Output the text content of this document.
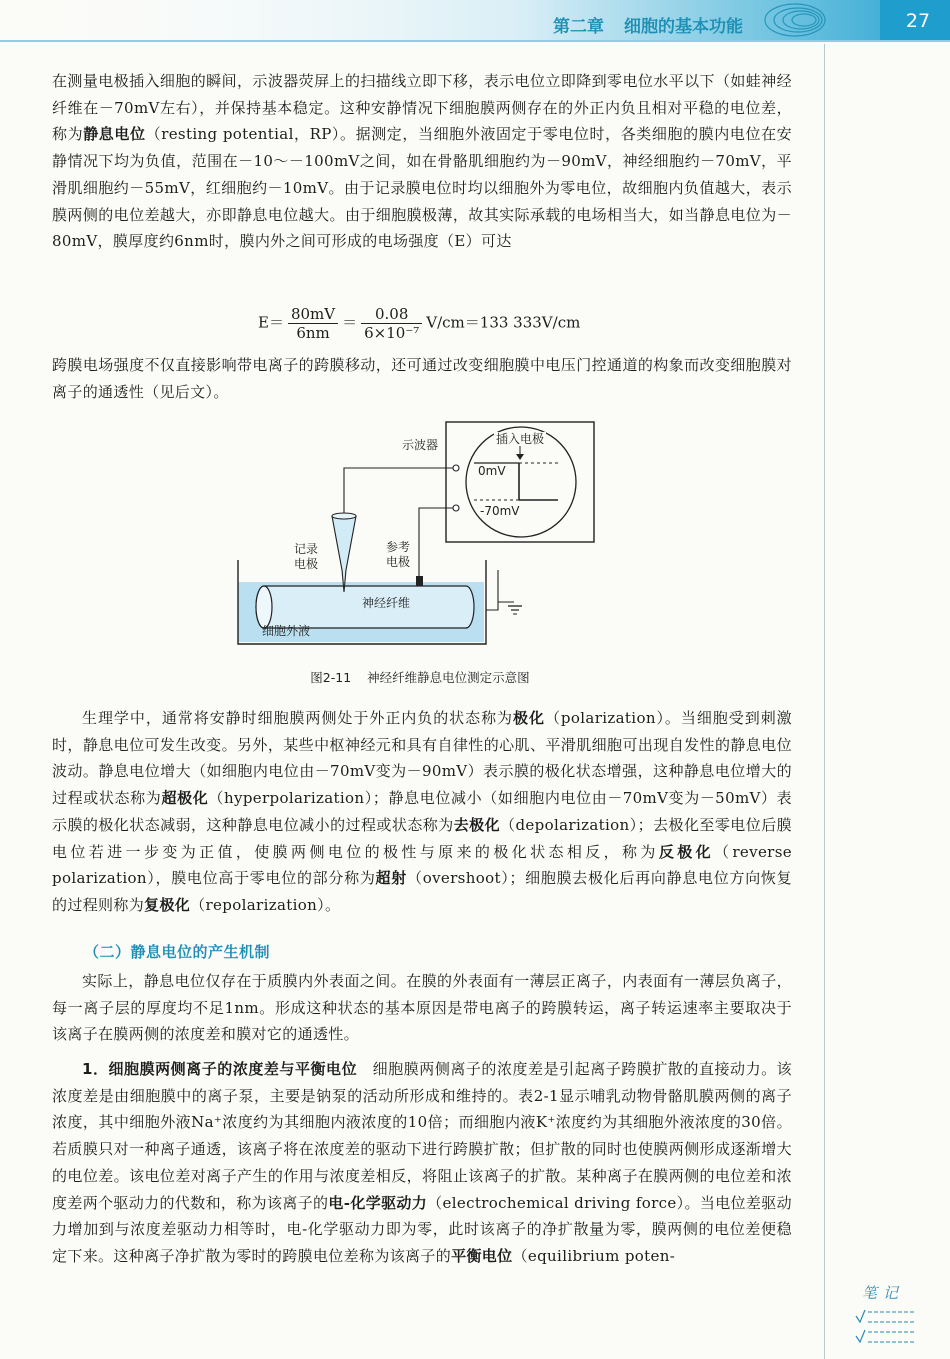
第二章 细胞的基本功能	27
在测量电极插入细胞的瞬间，示波器荧屏上的扫描线立即下移，表示电位立即降到零电位水平以下（如蛙神经纤维在－70mV左右），并保持基本稳定。这种安静情况下细胞膜两侧存在的外正内负且相对平稳的电位差，称为静息电位（resting potential，RP）。据测定，当细胞外液固定于零电位时，各类细胞的膜内电位在安静情况下均为负值，范围在－10～－100mV之间，如在骨骼肌细胞约为－90mV，神经细胞约－70mV，平滑肌细胞约－55mV，红细胞约－10mV。由于记录膜电位时均以细胞外为零电位，故细胞内负值越大，表示膜两侧的电位差越大，亦即静息电位越大。由于细胞膜极薄，故其实际承载的电场相当大，如当静息电位为－80mV，膜厚度约6nm时，膜内外之间可形成的电场强度（E）可达
$E= \frac{80mV}{6nm} = \frac{0.08}{\text{6×10⁻⁷}} V/cm=133$ 333V/cm
跨膜电场强度不仅直接影响带电离子的跨膜移动，还可通过改变细胞膜中电压门控通道的构象而改变细胞膜对离子的通透性（见后文）。
示波器	插入电极
0mV
-70mV
记录
电极
参考
电极
神经纤维
细胞外液
图2-11 神经纤维静息电位测定示意图
生理学中，通常将安静时细胞膜两侧处于外正内负的状态称为极化（polarization）。当细胞受到刺激时，静息电位可发生改变。另外，某些中枢神经元和具有自律性的心肌、平滑肌细胞可出现自发性的静息电位波动。静息电位增大（如细胞内电位由－70mV变为－90mV）表示膜的极化状态增强，这种静息电位增大的过程或状态称为超极化（hyperpolarization）；静息电位减小（如细胞内电位由－70mV变为－50mV）表示膜的极化状态减弱，这种静息电位减小的过程或状态称为去极化（depolarization）；去极化至零电位后膜电位若进一步变为正值，使膜两侧电位的极性与原来的极化状态相反，称为反极化（reverse polarization），膜电位高于零电位的部分称为超射（overshoot）；细胞膜去极化后再向静息电位方向恢复的过程则称为复极化（repolarization）。
（二）静息电位的产生机制
实际上，静息电位仅存在于质膜内外表面之间。在膜的外表面有一薄层正离子，内表面有一薄层负离子，每一离子层的厚度均不足1nm。形成这种状态的基本原因是带电离子的跨膜转运，离子转运速率主要取决于该离子在膜两侧的浓度差和膜对它的通透性。
1．细胞膜两侧离子的浓度差与平衡电位  细胞膜两侧离子的浓度差是引起离子跨膜扩散的直接动力。该浓度差是由细胞膜中的离子泵，主要是钠泵的活动所形成和维持的。表2-1显示哺乳动物骨骼肌膜两侧的离子浓度，其中细胞外液Na⁺浓度约为其细胞内液浓度的10倍；而细胞内液K⁺浓度约为其细胞外液浓度的30倍。若质膜只对一种离子通透，该离子将在浓度差的驱动下进行跨膜扩散；但扩散的同时也使膜两侧形成逐渐增大的电位差。该电位差对离子产生的作用与浓度差相反，将阻止该离子的扩散。某种离子在膜两侧的电位差和浓度差两个驱动力的代数和，称为该离子的电-化学驱动力（electrochemical driving force）。当电位差驱动力增加到与浓度差驱动力相等时，电-化学驱动力即为零，此时该离子的净扩散量为零，膜两侧的电位差便稳定下来。这种离子净扩散为零时的跨膜电位差称为该离子的平衡电位（equilibrium poten-
笔记
